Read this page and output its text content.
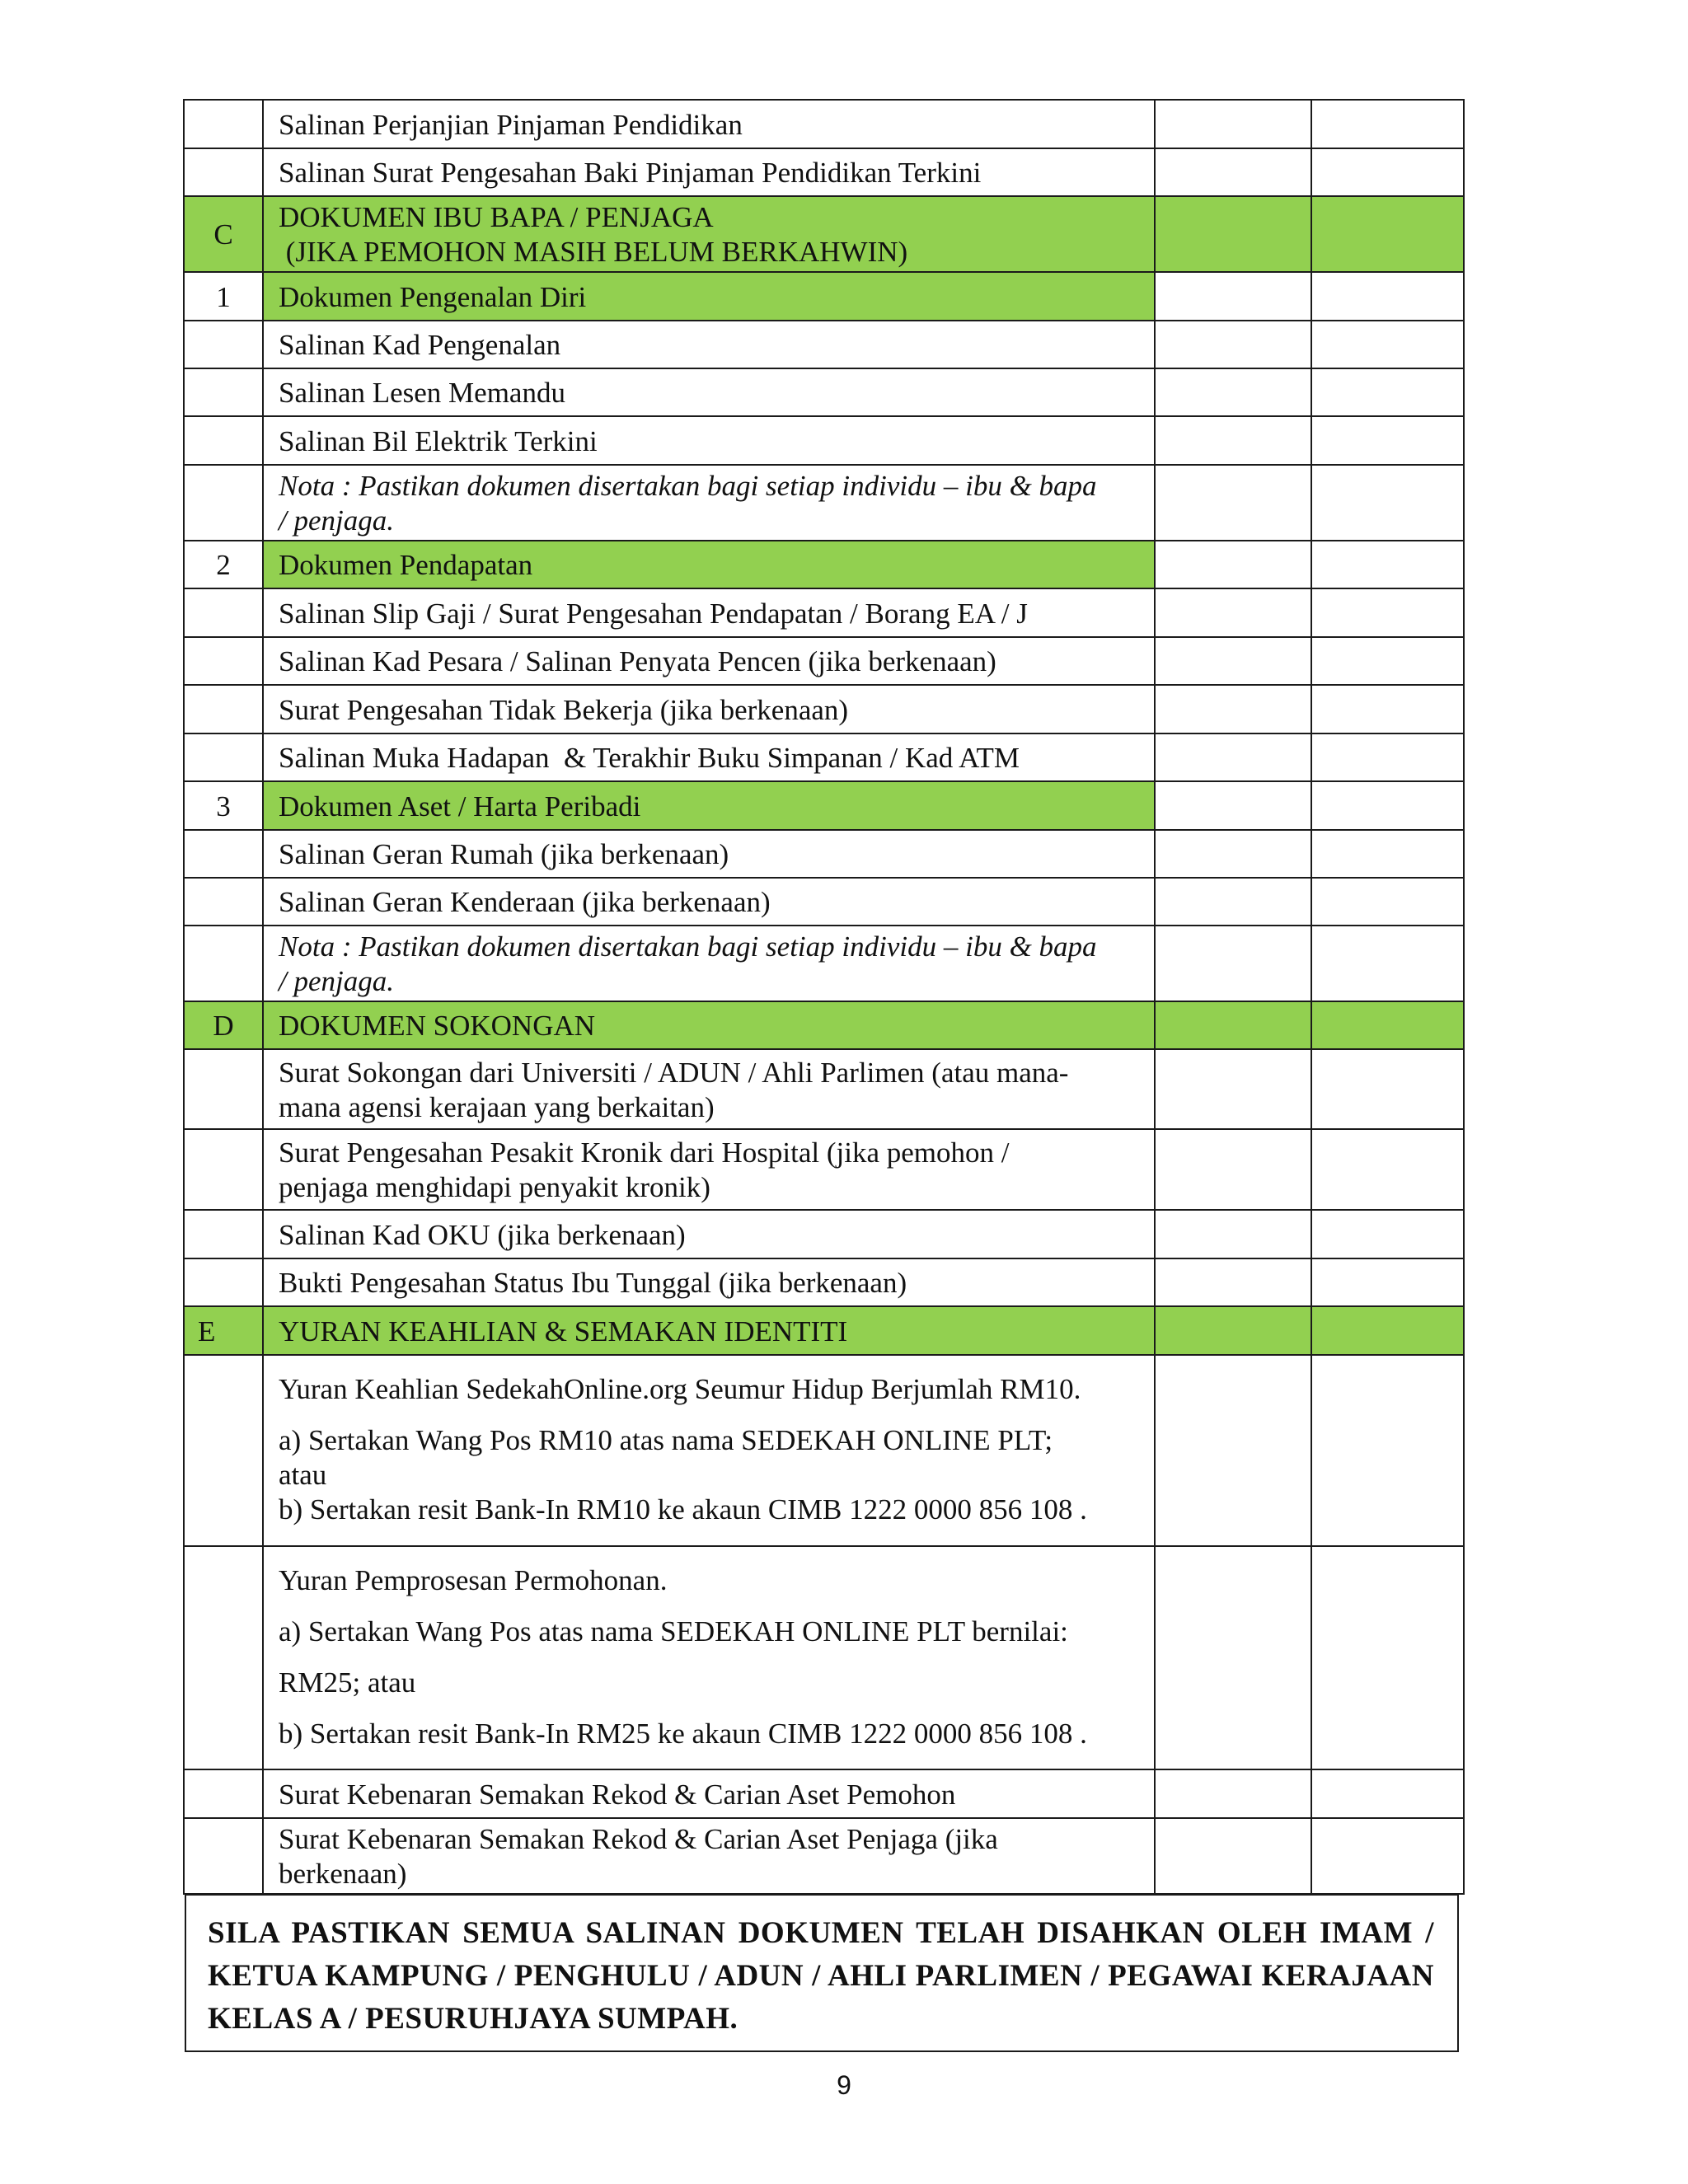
	Salinan Perjanjian Pinjaman Pendidikan		
	Salinan Surat Pengesahan Baki Pinjaman Pendidikan Terkini		
C	DOKUMEN IBU BAPA / PENJAGA

(JIKA PEMOHON MASIH BELUM BERKAHWIN)		

1	Dokumen Pengenalan Diri		
	Salinan Kad Pengenalan		
	Salinan Lesen Memandu		
	Salinan Bil Elektrik Terkini		

	Nota : Pastikan dokumen disertakan bagi setiap individu – ibu & bapa

/ penjaga.		

2	Dokumen Pendapatan		
	Salinan Slip Gaji / Surat Pengesahan Pendapatan / Borang EA / J		
	Salinan Kad Pesara / Salinan Penyata Pencen (jika berkenaan)		
	Surat Pengesahan Tidak Bekerja (jika berkenaan)		
	Salinan Muka Hadapan  & Terakhir Buku Simpanan / Kad ATM		
3	Dokumen Aset / Harta Peribadi		
	Salinan Geran Rumah (jika berkenaan)		
	Salinan Geran Kenderaan (jika berkenaan)		

	Nota : Pastikan dokumen disertakan bagi setiap individu – ibu & bapa

/ penjaga.		

D	DOKUMEN SOKONGAN		

	Surat Sokongan dari Universiti / ADUN / Ahli Parlimen (atau mana-

mana agensi kerajaan yang berkaitan)		

	Surat Pengesahan Pesakit Kronik dari Hospital (jika pemohon /

penjaga menghidapi penyakit kronik)		

	Salinan Kad OKU (jika berkenaan)		
	Bukti Pengesahan Status Ibu Tunggal (jika berkenaan)		
E	YURAN KEAHLIAN & SEMAKAN IDENTITI		

	Yuran Keahlian SedekahOnline.org Seumur Hidup Berjumlah RM10.

a) Sertakan Wang Pos RM10 atas nama SEDEKAH ONLINE PLT;

atau

b) Sertakan resit Bank-In RM10 ke akaun CIMB 1222 0000 856 108 .		

	Yuran Pemprosesan Permohonan.

a) Sertakan Wang Pos atas nama SEDEKAH ONLINE PLT bernilai:

RM25; atau

b) Sertakan resit Bank-In RM25 ke akaun CIMB 1222 0000 856 108 .		

	Surat Kebenaran Semakan Rekod & Carian Aset Pemohon		

	Surat Kebenaran Semakan Rekod & Carian Aset Penjaga (jika

berkenaan)		

SILA PASTIKAN SEMUA SALINAN DOKUMEN TELAH DISAHKAN OLEH IMAM / KETUA KAMPUNG / PENGHULU / ADUN / AHLI PARLIMEN / PEGAWAI KERAJAAN KELAS A / PESURUHJAYA SUMPAH.
9
